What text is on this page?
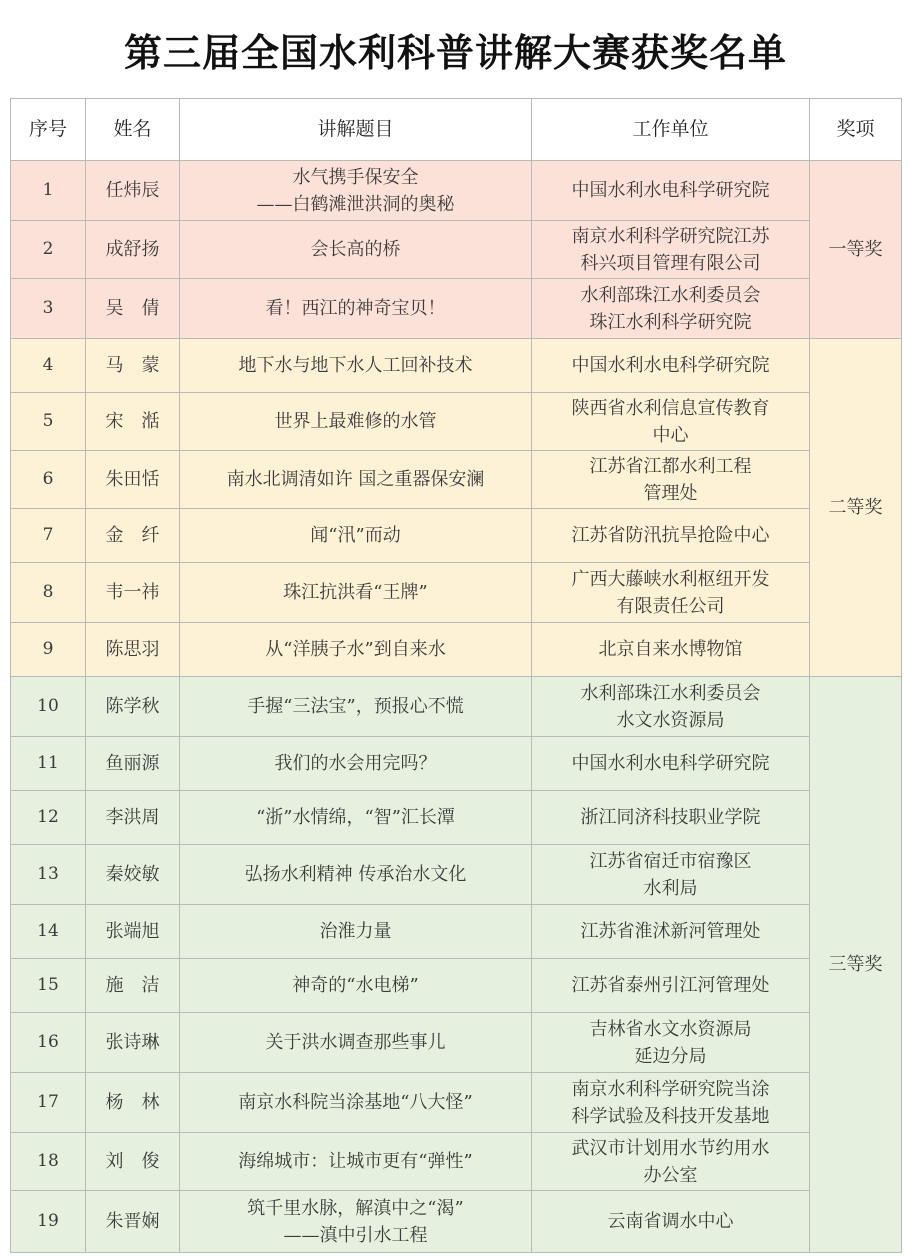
第三届全国水利科普讲解大赛获奖名单
序号	姓名	讲解题目	工作单位	奖项
1	任炜辰	水气携手保安全
——白鹤滩泄洪洞的奥秘	中国水利水电科学研究院	一等奖
2	成舒扬	会长高的桥	南京水利科学研究院江苏
科兴项目管理有限公司	
3	吴　倩	看！西江的神奇宝贝！	水利部珠江水利委员会
珠江水利科学研究院	
4	马　蒙	地下水与地下水人工回补技术	中国水利水电科学研究院	二等奖
5	宋　湉	世界上最难修的水管	陕西省水利信息宣传教育
中心	
6	朱田恬	南水北调清如许 国之重器保安澜	江苏省江都水利工程
管理处	
7	金　纤	闻“汛”而动	江苏省防汛抗旱抢险中心	
8	韦一祎	珠江抗洪看“王牌”	广西大藤峡水利枢纽开发
有限责任公司	
9	陈思羽	从“洋胰子水”到自来水	北京自来水博物馆	
10	陈学秋	手握“三法宝”，预报心不慌	水利部珠江水利委员会
水文水资源局	三等奖
11	鱼丽源	我们的水会用完吗？	中国水利水电科学研究院	
12	李洪周	“浙”水情绵，“智”汇长潭	浙江同济科技职业学院	
13	秦姣敏	弘扬水利精神 传承治水文化	江苏省宿迁市宿豫区
水利局	
14	张端旭	治淮力量	江苏省淮沭新河管理处	
15	施　洁	神奇的“水电梯”	江苏省泰州引江河管理处	
16	张诗琳	关于洪水调查那些事儿	吉林省水文水资源局
延边分局	
17	杨　林	南京水科院当涂基地“八大怪”	南京水利科学研究院当涂
科学试验及科技开发基地	
18	刘　俊	海绵城市：让城市更有“弹性”	武汉市计划用水节约用水
办公室	
19	朱晋娴	筑千里水脉，解滇中之“渴”
——滇中引水工程	云南省调水中心	
